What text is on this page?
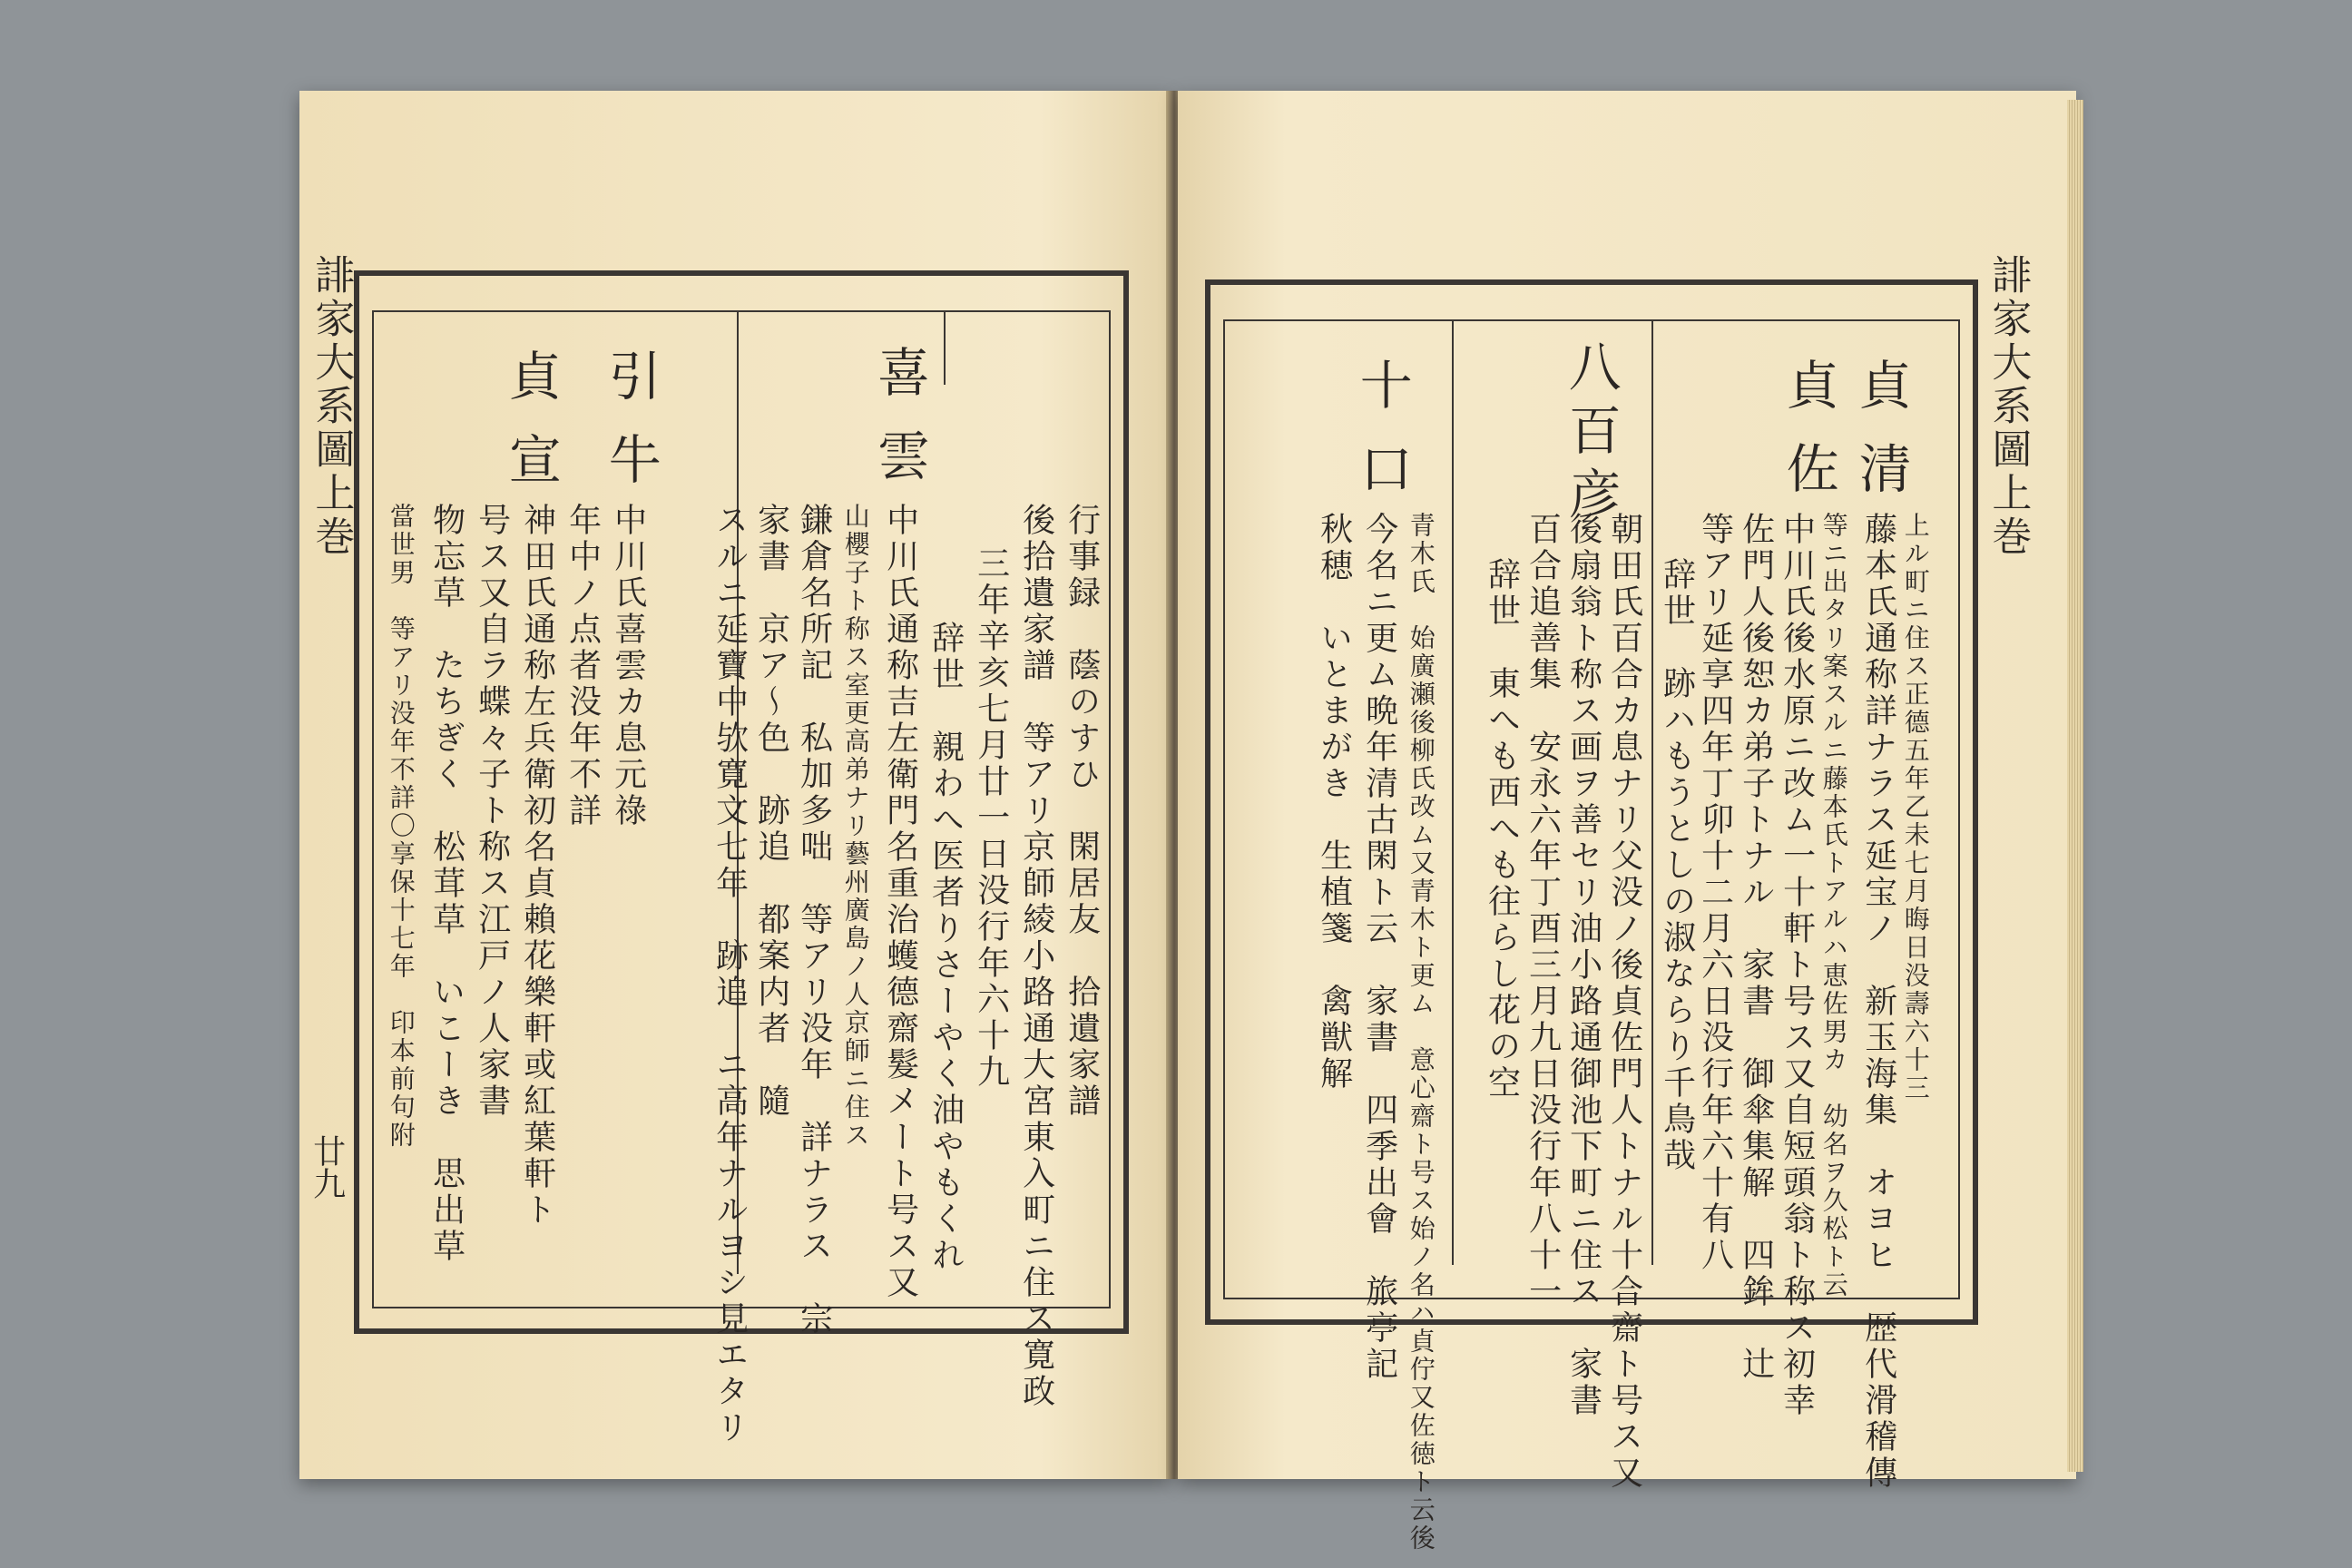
誹家大系圖上巻
廿九
喜雲
行事録　蔭のすひ　閑居友　拾遺家譜
後拾遺家譜　等アリ京師綾小路通大宮東入町ニ住ス寛政
三年辛亥七月廿一日没行年六十九
辞世　親わへ医者りさーやく油やもくれ
中川氏通称吉左衛門名重治蠖德齋髮メート号ス又
山櫻子ト称ス室更高弟ナリ藝州廣島ノ人京師ニ住ス
鎌倉名所記　私加多咄　等アリ没年　詳ナラス　宗
家書　京ア～色　跡追　都案内者　隨
スルニ延寶中欤寛文七年　跡追　ニ高年ナルヨシ見エタリ
引牛
貞宣
中川氏喜雲カ息元祿
年中ノ点者没年不詳
神田氏通称左兵衛初名貞賴花樂軒或紅葉軒ト
号ス又自ラ蝶々子ト称ス江戸ノ人家書
物忘草　たちぎく　松茸草　いこーき　思出草
當世男　等アリ没年不詳〇享保十七年　印本前句附
誹家大系圖上巻
貞清
貞佐
上ル町ニ住ス正德五年乙未七月晦日没壽六十三
藤本氏通称詳ナラス延宝ノ　新玉海集　オヨヒ　歴代滑稽傳
等ニ出タリ案スルニ藤本氏トアルハ恵佐男カ　幼名ヲ久松ト云
中川氏後水原ニ改ム一十軒ト号ス又自短頭翁ト称ス初幸
佐門人後恕カ弟子トナル　家書　御傘集解　四鉾　辻
等アリ延享四年丁卯十二月六日没行年六十有八
辞世　跡ハもうとしの淑ならり千鳥哉
八百彦
朝田氏百合カ息ナリ父没ノ後貞佐門人トナル十合齋ト号ス又
後扇翁ト称ス画ヲ善セリ油小路通御池下町ニ住ス　家書
百合追善集　安永六年丁酉三月九日没行年八十一
辞世　東へも西へも往らし花の空
十口
青木氏　始廣瀬後柳氏改ム又青木ト更ム　意心齋ト号ス始ノ名ハ貞佇又佐徳ト云後
今名ニ更ム晩年清古閑ト云　家書　四季出會　旅亭記
秋穂　いとまがき　生植箋　禽獣解
